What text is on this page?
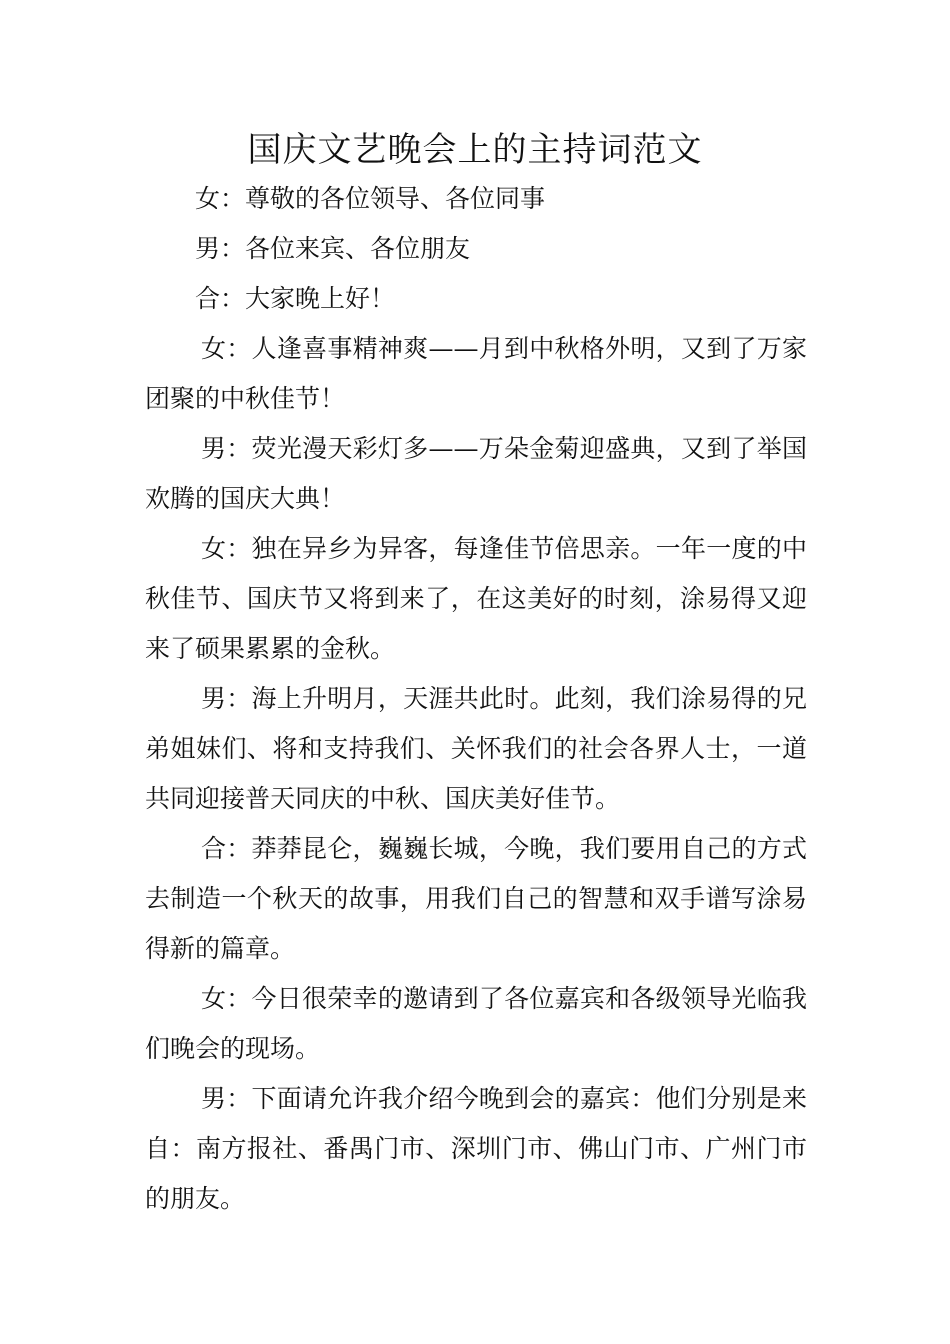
国庆文艺晚会上的主持词范文

女：尊敬的各位领导、各位同事

男：各位来宾、各位朋友

合：大家晚上好！

女：人逢喜事精神爽——月到中秋格外明，又到了万家团聚的中秋佳节！

男：荧光漫天彩灯多——万朵金菊迎盛典，又到了举国欢腾的国庆大典！

女：独在异乡为异客，每逢佳节倍思亲。一年一度的中秋佳节、国庆节又将到来了，在这美好的时刻，涂易得又迎来了硕果累累的金秋。

男：海上升明月，天涯共此时。此刻，我们涂易得的兄弟姐妹们、将和支持我们、关怀我们的社会各界人士，一道共同迎接普天同庆的中秋、国庆美好佳节。

合：莽莽昆仑，巍巍长城，今晚，我们要用自己的方式去制造一个秋天的故事，用我们自己的智慧和双手谱写涂易得新的篇章。

女：今日很荣幸的邀请到了各位嘉宾和各级领导光临我们晚会的现场。

男：下面请允许我介绍今晚到会的嘉宾：他们分别是来自：南方报社、番禺门市、深圳门市、佛山门市、广州门市的朋友。
